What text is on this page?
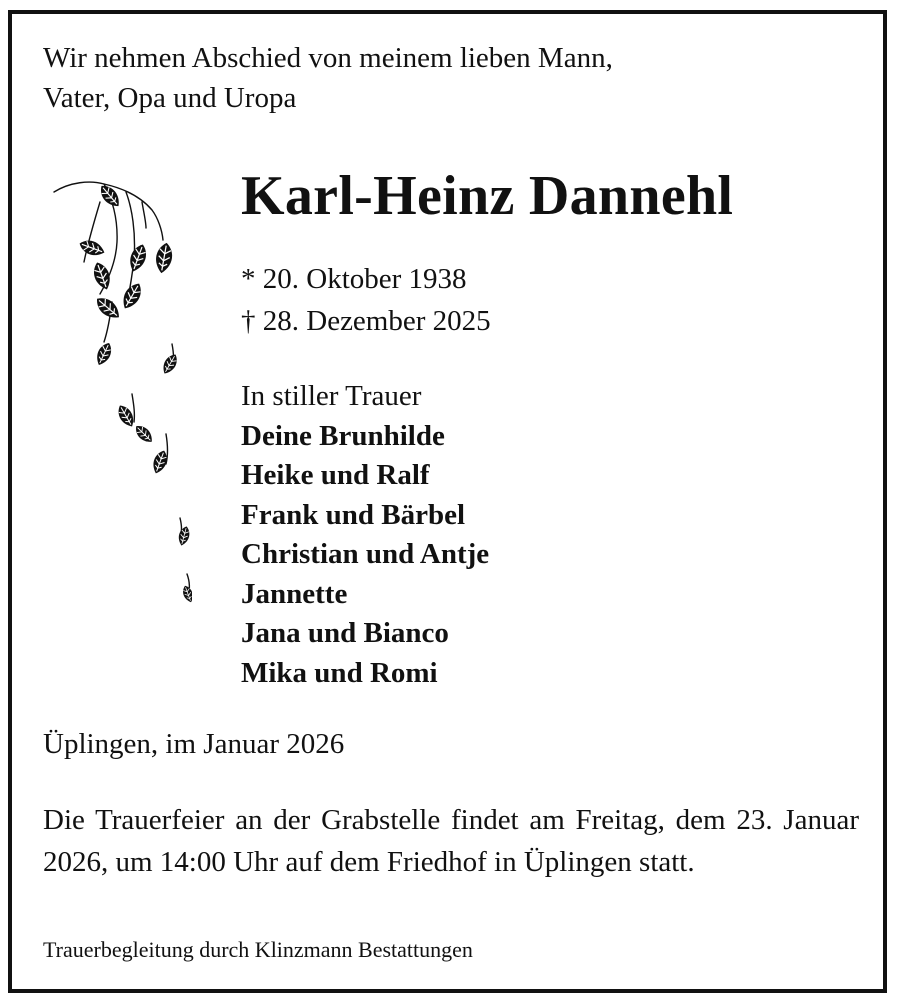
Wir nehmen Abschied von meinem lieben Mann,
Vater, Opa und Uropa
Karl-Heinz Dannehl
* 20. Oktober 1938
† 28. Dezember 2025
In stiller Trauer
Deine Brunhilde
Heike und Ralf
Frank und Bärbel
Christian und Antje
Jannette
Jana und Bianco
Mika und Romi
Üplingen, im Januar 2026
Die Trauerfeier an der Grabstelle findet am Freitag, dem 23. Januar 2026, um 14:00 Uhr auf dem Friedhof in Üplingen statt.
Trauerbegleitung durch Klinzmann Bestattungen
